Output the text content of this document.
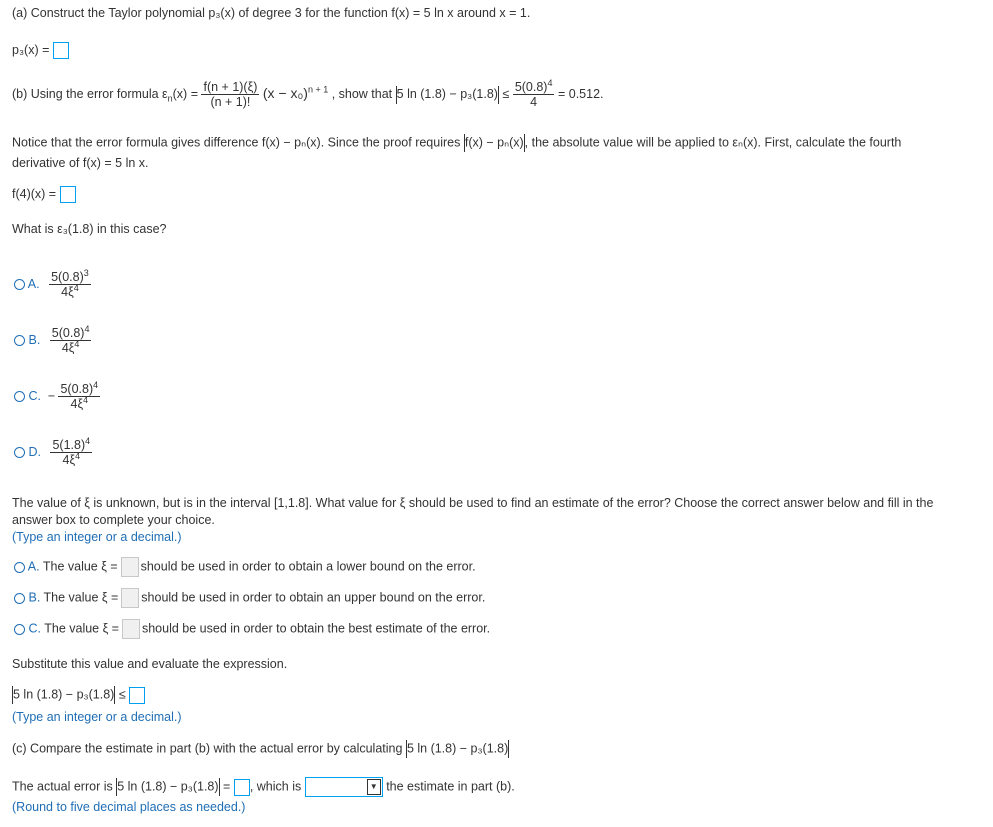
(a) Construct the Taylor polynomial p₃(x) of degree 3 for the function f(x) = 5 ln x around x = 1.
p₃(x) =
(b) Using the error formula $\varepsilon_n(x) = \frac{f(n + 1)(\xi)}{(n + 1)!} (x - x_0)^{n + 1}$ , show that 5 $\ln (1.8) - p_3(1.8) \le \frac{5(0.8)^4}{4} = 0.512$.
Notice that the error formula gives difference f(x) − pₙ(x). Since the proof requires f(x) − pₙ(x), the absolute value will be applied to εₙ(x). First, calculate the fourth
derivative of f(x) = 5 ln x.
f(4)(x) =
What is ε₃(1.8) in this case?
A. $\frac{5(0.8)^3}{4\xi^4}$
B. $\frac{5(0.8)^4}{4\xi^4}$
C. − $\frac{5(0.8)^4}{4\xi^4}$
D. $\frac{5(1.8)^4}{4\xi^4}$
The value of ξ is unknown, but is in the interval [1,1.8]. What value for ξ should be used to find an estimate of the error? Choose the correct answer below and fill in the
answer box to complete your choice.
(Type an integer or a decimal.)
A. The value ξ = should be used in order to obtain a lower bound on the error.
B. The value ξ = should be used in order to obtain an upper bound on the error.
C. The value ξ = should be used in order to obtain the best estimate of the error.
Substitute this value and evaluate the expression.
5 ln (1.8) − p₃(1.8) ≤
(Type an integer or a decimal.)
(c) Compare the estimate in part (b) with the actual error by calculating 5 ln (1.8) − p₃(1.8)
The actual error is 5 ln (1.8) − p₃(1.8) = , which is	▼ the estimate in part (b).
(Round to five decimal places as needed.)
